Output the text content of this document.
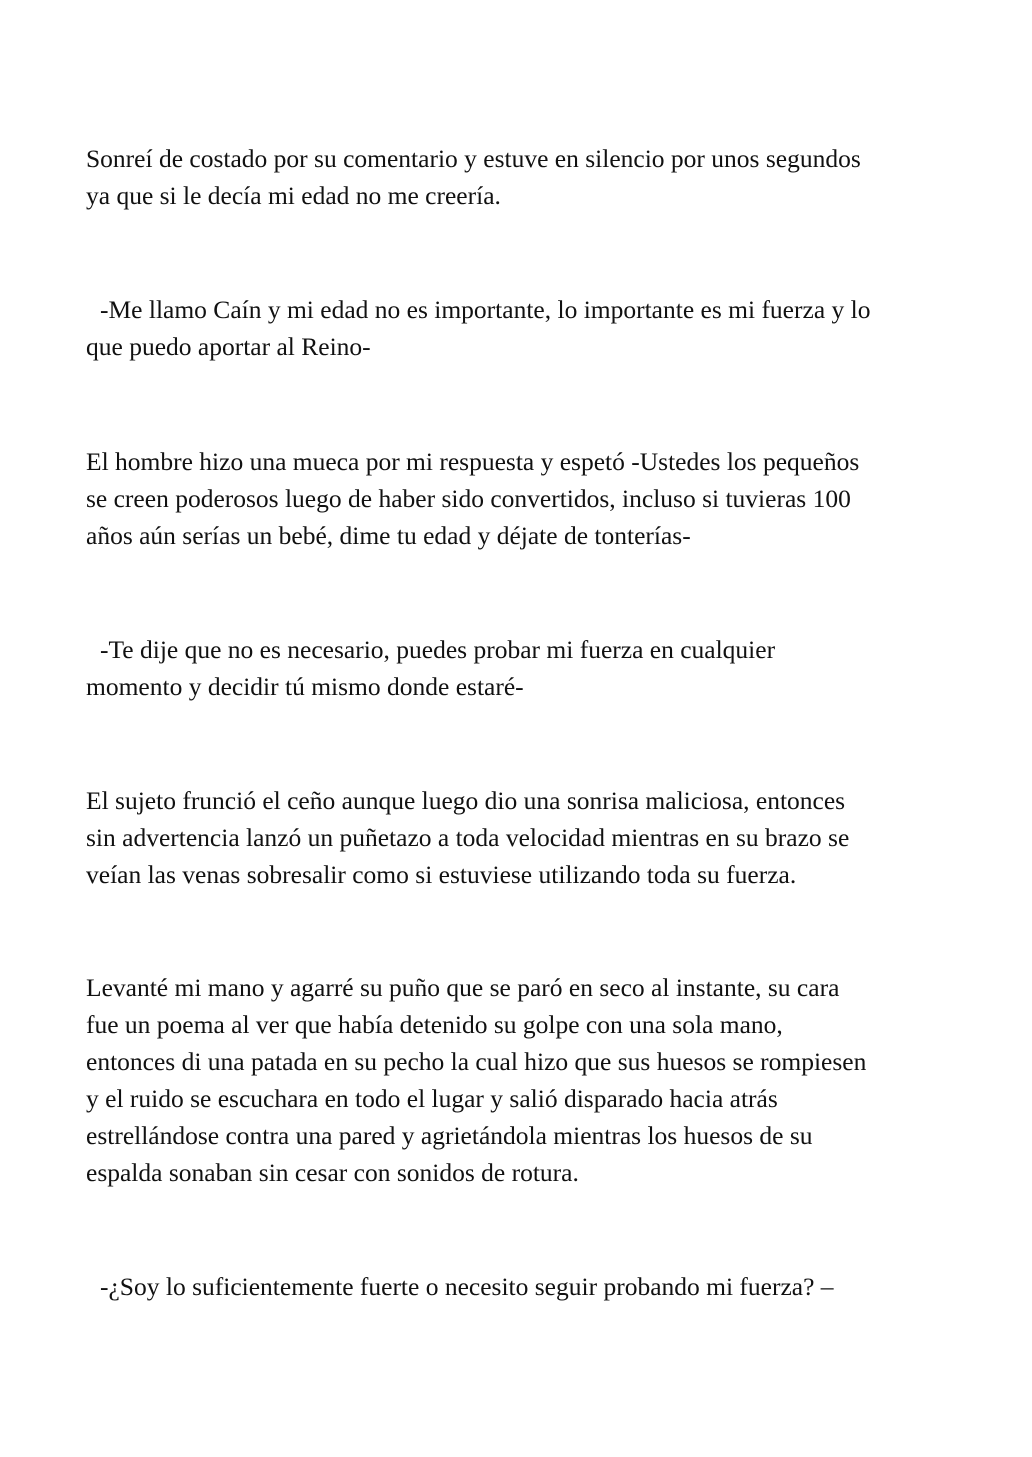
Sonreí de costado por su comentario y estuve en silencio por unos segundos
ya que si le decía mi edad no me creería.

-Me llamo Caín y mi edad no es importante, lo importante es mi fuerza y lo
que puedo aportar al Reino-

El hombre hizo una mueca por mi respuesta y espetó -Ustedes los pequeños
se creen poderosos luego de haber sido convertidos, incluso si tuvieras 100
años aún serías un bebé, dime tu edad y déjate de tonterías-

-Te dije que no es necesario, puedes probar mi fuerza en cualquier
momento y decidir tú mismo donde estaré-

El sujeto frunció el ceño aunque luego dio una sonrisa maliciosa, entonces
sin advertencia lanzó un puñetazo a toda velocidad mientras en su brazo se
veían las venas sobresalir como si estuviese utilizando toda su fuerza.

Levanté mi mano y agarré su puño que se paró en seco al instante, su cara
fue un poema al ver que había detenido su golpe con una sola mano,
entonces di una patada en su pecho la cual hizo que sus huesos se rompiesen
y el ruido se escuchara en todo el lugar y salió disparado hacia atrás
estrellándose contra una pared y agrietándola mientras los huesos de su
espalda sonaban sin cesar con sonidos de rotura.

-¿Soy lo suficientemente fuerte o necesito seguir probando mi fuerza? –
